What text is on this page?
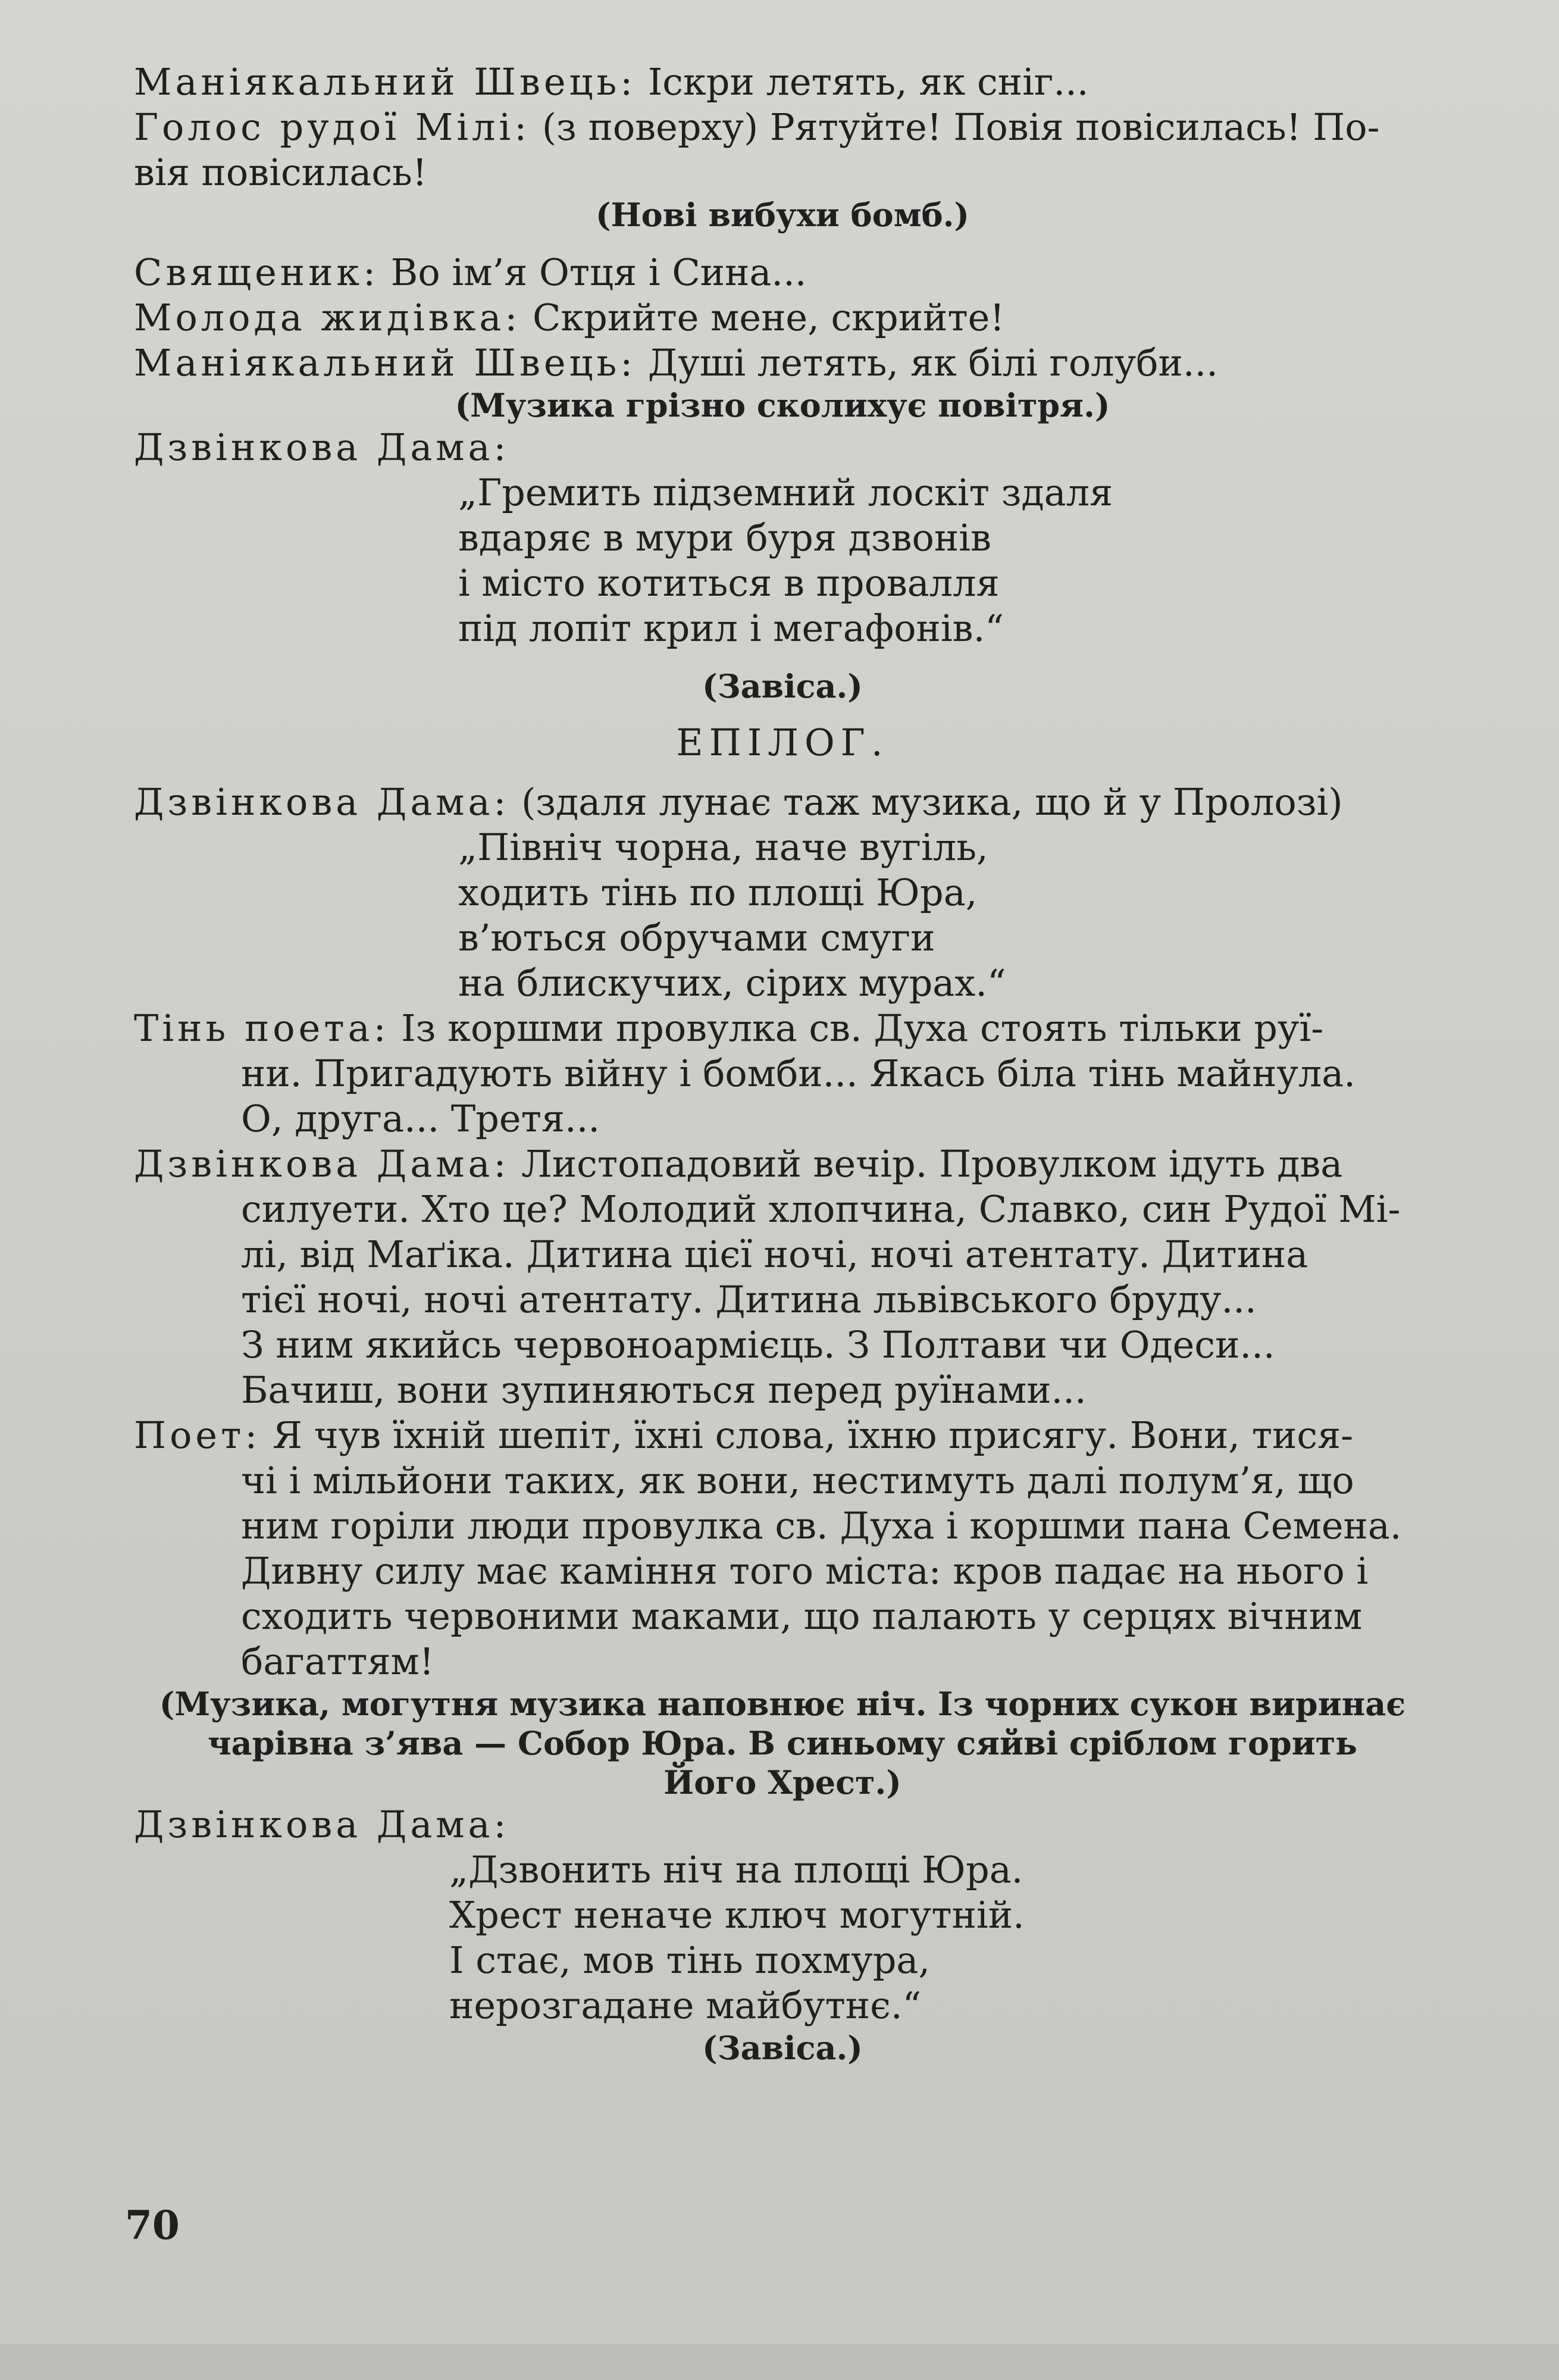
Маніякальний Швець: Іскри летять, як сніг...
Голос рудої Мілі: (з поверху) Рятуйте! Повія повісилась! По-
вія повісилась!
(Нові вибухи бомб.)
Священик: Во ім’я Отця і Сина...
Молода жидівка: Скрийте мене, скрийте!
Маніякальний Швець: Душі летять, як білі голуби...
(Музика грізно сколихує повітря.)
Дзвінкова Дама:
„Гремить підземний лоскіт здаля
вдаряє в мури буря дзвонів
і місто котиться в провалля
під лопіт крил і мегафонів.“
(Завіса.)
ЕПІЛОГ.
Дзвінкова Дама: (здаля лунає таж музика, що й у Пролозі)
„Північ чорна, наче вугіль,
ходить тінь по площі Юра,
в’ються обручами смуги
на блискучих, сірих мурах.“
Тінь поета: Із коршми провулка св. Духа стоять тільки руї-
ни. Пригадують війну і бомби... Якась біла тінь майнула.
О, друга... Третя...
Дзвінкова Дама: Листопадовий вечір. Провулком ідуть два
силуети. Хто це? Молодий хлопчина, Славко, син Рудої Мі-
лі, від Маґіка. Дитина цієї ночі, ночі атентату. Дитина
тієї ночі, ночі атентату. Дитина львівського бруду...
З ним якийсь червоноармієць. З Полтави чи Одеси...
Бачиш, вони зупиняються перед руїнами...
Поет: Я чув їхній шепіт, їхні слова, їхню присягу. Вони, тися-
чі і мільйони таких, як вони, нестимуть далі полум’я, що
ним горіли люди провулка св. Духа і коршми пана Семена.
Дивну силу має каміння того міста: кров падає на нього і
сходить червоними маками, що палають у серцях вічним
багаттям!
(Музика, могутня музика наповнює ніч. Із чорних сукон виринає
чарівна з’ява — Собор Юра. В синьому сяйві сріблом горить
Його Хрест.)
Дзвінкова Дама:
„Дзвонить ніч на площі Юра.
Хрест неначе ключ могутній.
І стає, мов тінь похмура,
нерозгадане майбутнє.“
(Завіса.)
70
